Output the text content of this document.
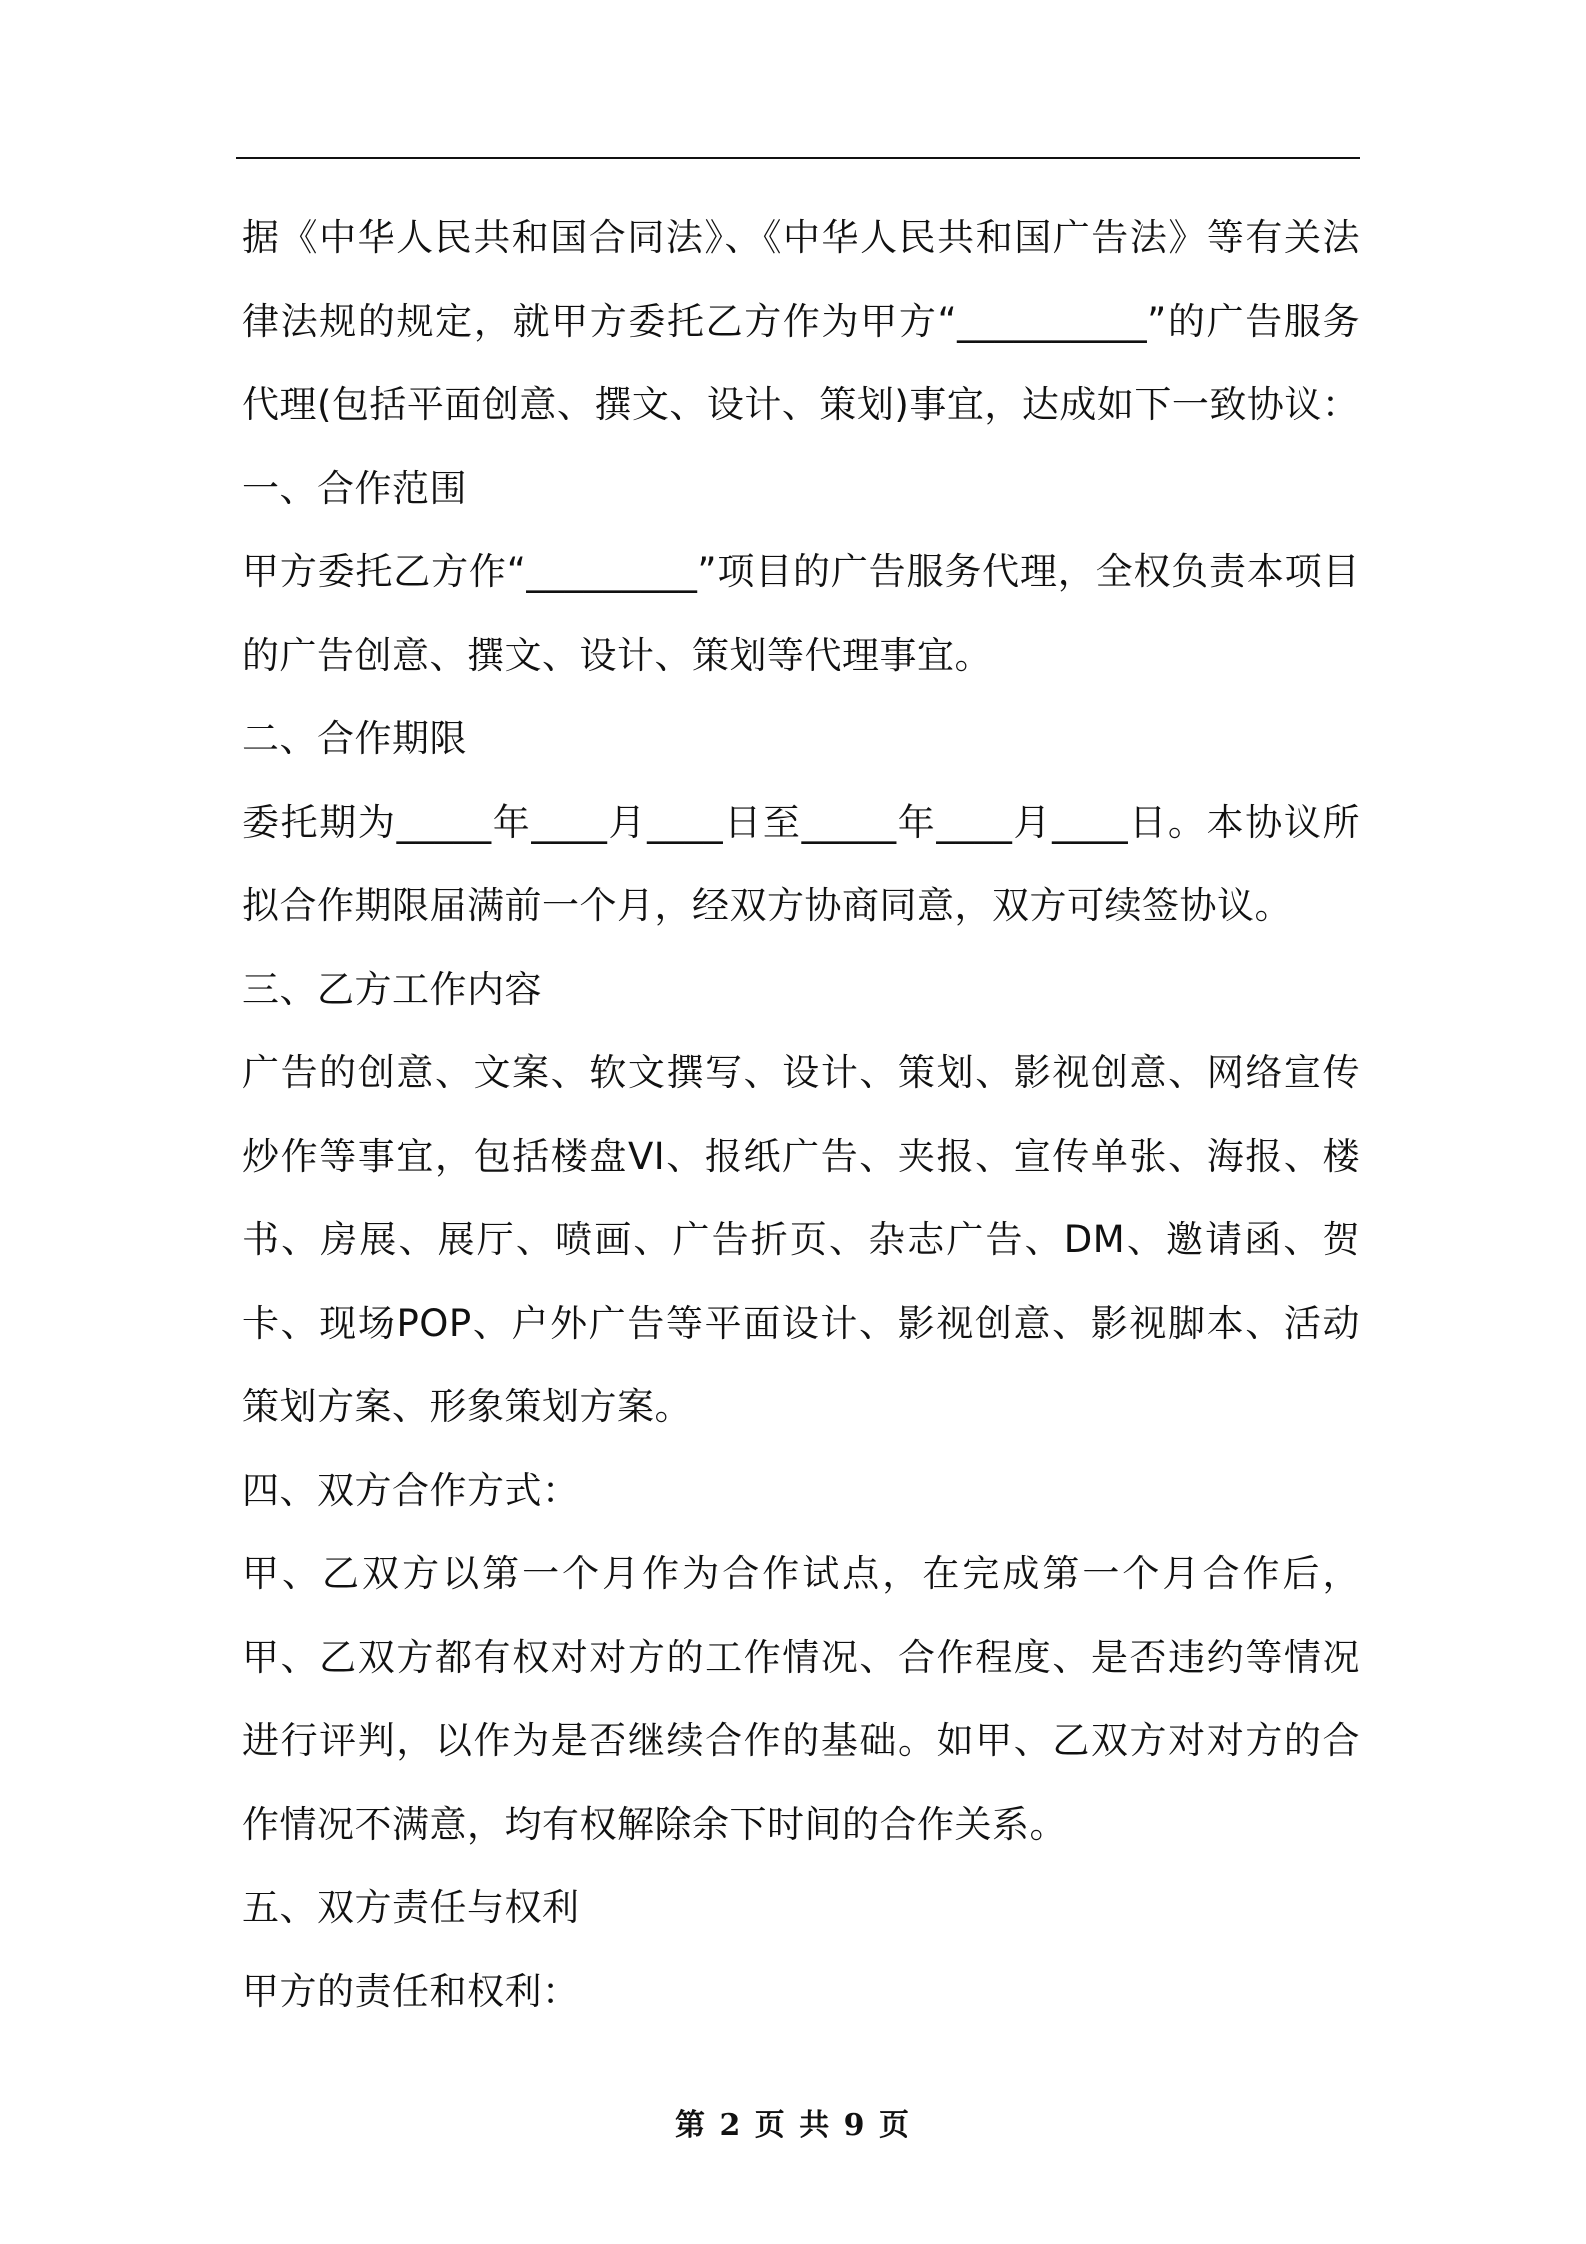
据《中华人民共和国合同法》、《中华人民共和国广告法》等有关法律法规的规定，就甲方委托乙方作为甲方“__________”的广告服务代理(包括平面创意、撰文、设计、策划)事宜，达成如下一致协议：

一、合作范围

甲方委托乙方作“_________”项目的广告服务代理，全权负责本项目的广告创意、撰文、设计、策划等代理事宜。

二、合作期限

委托期为_____年____月____日至_____年____月____日。本协议所拟合作期限届满前一个月，经双方协商同意，双方可续签协议。

三、乙方工作内容

广告的创意、文案、软文撰写、设计、策划、影视创意、网络宣传炒作等事宜，包括楼盘VI、报纸广告、夹报、宣传单张、海报、楼书、房展、展厅、喷画、广告折页、杂志广告、DM、邀请函、贺卡、现场POP、户外广告等平面设计、影视创意、影视脚本、活动策划方案、形象策划方案。

四、双方合作方式：

甲、乙双方以第一个月作为合作试点，在完成第一个月合作后，甲、乙双方都有权对对方的工作情况、合作程度、是否违约等情况进行评判，以作为是否继续合作的基础。如甲、乙双方对对方的合作情况不满意，均有权解除余下时间的合作关系。

五、双方责任与权利

甲方的责任和权利：

第 2 页 共 9 页
